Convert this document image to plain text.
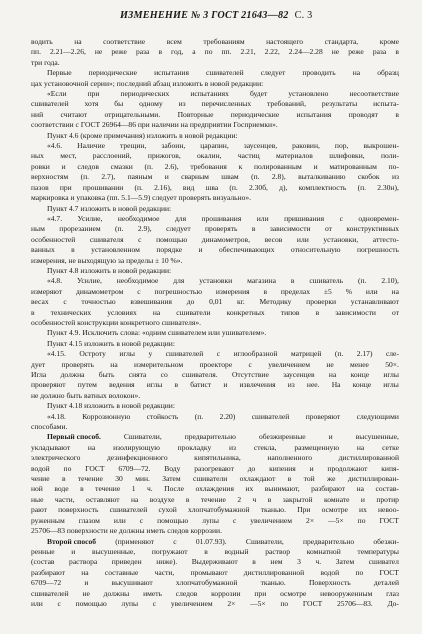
ИЗМЕНЕНИЕ № 3 ГОСТ 21643—82 С. 3
водить	на	соответствие	всем	требованиям	настоящего	стандарта,	кроме
пп. 2.21—2.26, не реже раза в год, а по пп. 2.21, 2.22, 2.24—2.28 не реже раза в
три года.
Первые периодические испытания сшивателей следует проводить на образц
цах установочной серии»; последний абзац изложить в новой редакции:
«Если	при	периодических	испытаниях	будет	установлено	несоответствие
сшивателей хотя бы одному из перечисленных требований, результаты испыта-
ний считают отрицательными. Повторные периодические испытания проводят в
соответствии с ГОСТ 26964—86 при наличии на предприятии Госприемки».
Пункт 4.6 (кроме примечания) изложить в новой редакции:
«4.6. Наличие трещин, забоин, царапин, заусенцев, раковин, пор, выкрошен-
ных мест, расслоений, прижогов, окалин, частиц материалов шлифовки, поли-
ровки и следов смазки (п. 2.6), требования к полированным и матированным по-
верхностям (п. 2.7), паяным и сварным швам (п. 2.8), выталкиванию скобок из
пазов при прошивании (п. 2.16), вид шва (п. 2.30б, д), комплектность (п. 2.30н),
маркировка и упаковка (пп. 5.1—5.9) следует проверять визуально».
Пункт 4.7 изложить в новой редакции:
«4.7. Усилие, необходимое для прошивания или пришивания с одновремен-
ным прорезанием (п. 2.9), следует проверять в зависимости от конструктивных
особенностей сшивателя с помощью динамометров, весов или установки, аттесто-
ванных в установленном порядке и обеспечивающих относительную погрешность
измерения, не выходящую за пределы ± 10 %».
Пункт 4.8 изложить в новой редакции:
«4.8. Усилие, необходимое для установки магазина в сшиватель (п. 2.10),
измеряют динамометром с погрешностью измерения в пределах ±5 % или на
весах с точностью взвешивания до 0,01 кг. Методику проверки устанавливают
в технических условиях на сшиватели конкретных типов в зависимости от
особенностей конструкции конкретного сшивателя».
Пункт 4.9. Исключить слова: «одним сшивателем или ушивателем».
Пункт 4.15 изложить в новой редакции:
«4.15. Остроту иглы у сшивателей с иглообразной матрицей (п. 2.17) сле-
дует проверять на измерительном проекторе с увеличением не менее 50×.
Игла должна быть снята со сшивателя. Отсутствие заусенцев на конце иглы
проверяют путем ведения иглы в батист и извлечения из нее. На конце иглы
не должно быть ватных волокон».
Пункт 4.18 изложить в новой редакции:
«4.18. Коррозионную стойкость (п. 2.20) сшивателей проверяют следующими
способами.
Первый способ.	Сшиватели,	предварительно	обезжиренные	и	высушенные,
укладывают на изолирующую прокладку из стекла, размещенную на сетке
электрического	дезинфекционного	кипятильника,	наполненного	дистиллированной
водой по ГОСТ 6709—72. Воду разогревают до кипения и продолжают кипя-
чение в течение 30 мин. Затем сшиватели охлаждают в той же дистиллирован-
ной воде в течение 1 ч. После охлаждения их вынимают, разбирают на состав-
ные части, оставляют на воздухе в течение 2 ч в закрытой комнате и протир
рают поверхность сшивателей сухой хлопчатобумажной тканью. При осмотре их невоо-
руженным глазом или с помощью лупы с увеличением 2× —5× по ГОСТ
25706—83 поверхности не должны иметь следов коррозии.
Второй способ	(применяют	с	01.07.93).	Сшиватели,	предварительно	обезжи-
ренные и высушенные, погружают в водный раствор комнатной температуры
(состав раствора приведен ниже). Выдерживают в нем 3 ч. Затем сшивател
разбирают на составные части, промывают дистиллированной водой по ГОСТ
6709—72	и	высушивают	хлопчатобумажной	тканью.	Поверхность	деталей
сшивателей не должны иметь следов коррозии при осмотре невооруженным глаз
или с помощью лупы с увеличением 2× —5× по ГОСТ 25706—83. До-
